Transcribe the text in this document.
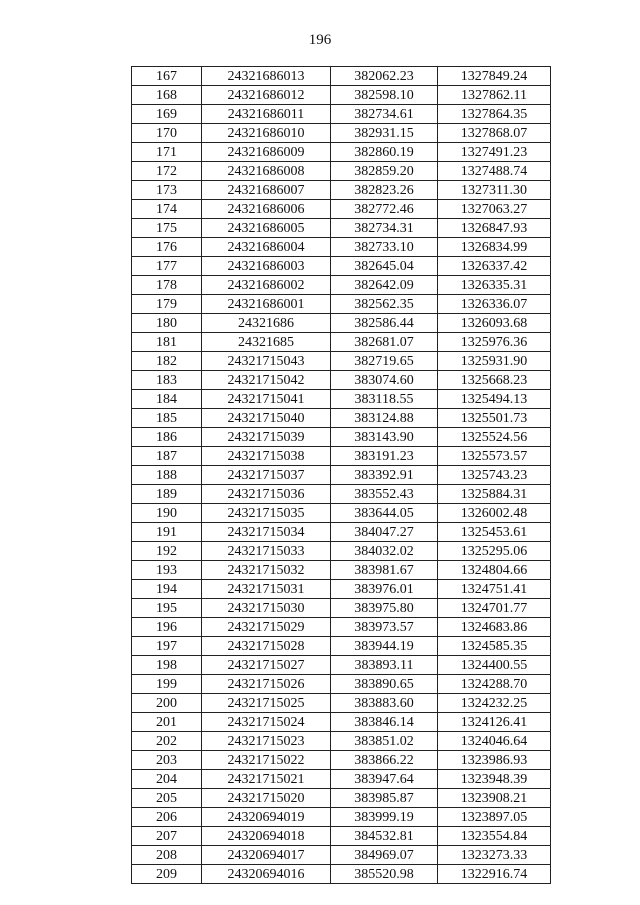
196
167	24321686013	382062.23	1327849.24
168	24321686012	382598.10	1327862.11
169	24321686011	382734.61	1327864.35
170	24321686010	382931.15	1327868.07
171	24321686009	382860.19	1327491.23
172	24321686008	382859.20	1327488.74
173	24321686007	382823.26	1327311.30
174	24321686006	382772.46	1327063.27
175	24321686005	382734.31	1326847.93
176	24321686004	382733.10	1326834.99
177	24321686003	382645.04	1326337.42
178	24321686002	382642.09	1326335.31
179	24321686001	382562.35	1326336.07
180	24321686	382586.44	1326093.68
181	24321685	382681.07	1325976.36
182	24321715043	382719.65	1325931.90
183	24321715042	383074.60	1325668.23
184	24321715041	383118.55	1325494.13
185	24321715040	383124.88	1325501.73
186	24321715039	383143.90	1325524.56
187	24321715038	383191.23	1325573.57
188	24321715037	383392.91	1325743.23
189	24321715036	383552.43	1325884.31
190	24321715035	383644.05	1326002.48
191	24321715034	384047.27	1325453.61
192	24321715033	384032.02	1325295.06
193	24321715032	383981.67	1324804.66
194	24321715031	383976.01	1324751.41
195	24321715030	383975.80	1324701.77
196	24321715029	383973.57	1324683.86
197	24321715028	383944.19	1324585.35
198	24321715027	383893.11	1324400.55
199	24321715026	383890.65	1324288.70
200	24321715025	383883.60	1324232.25
201	24321715024	383846.14	1324126.41
202	24321715023	383851.02	1324046.64
203	24321715022	383866.22	1323986.93
204	24321715021	383947.64	1323948.39
205	24321715020	383985.87	1323908.21
206	24320694019	383999.19	1323897.05
207	24320694018	384532.81	1323554.84
208	24320694017	384969.07	1323273.33
209	24320694016	385520.98	1322916.74
